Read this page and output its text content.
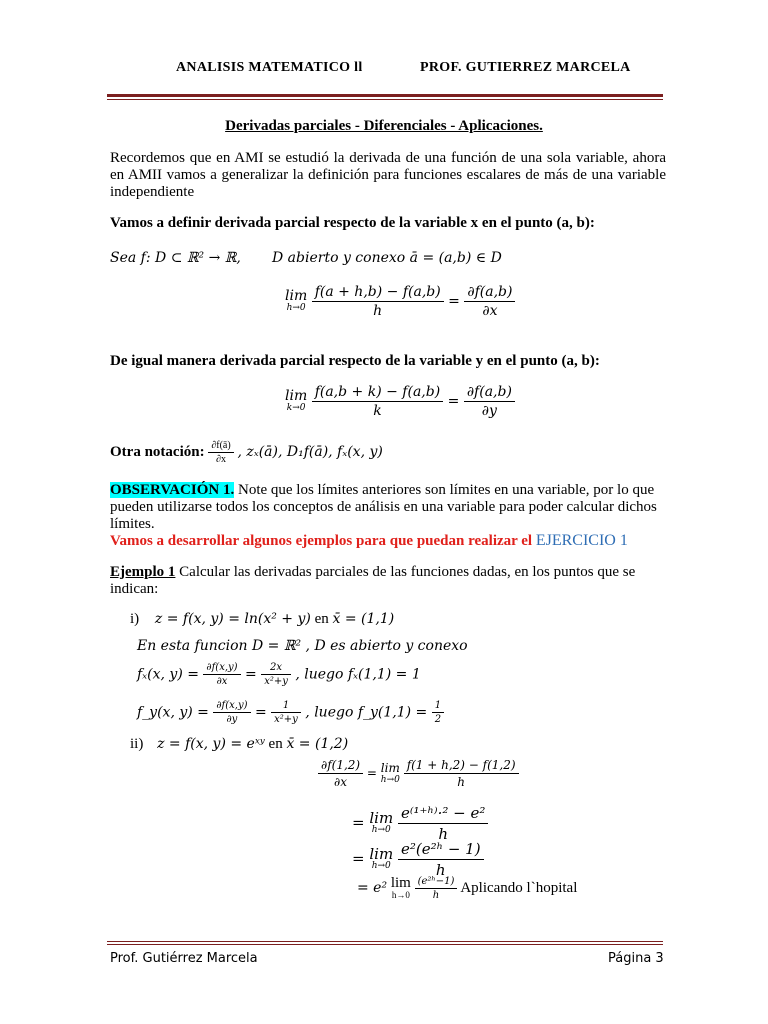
ANALISIS MATEMATICO ll	PROF. GUTIERREZ MARCELA
Derivadas parciales - Diferenciales - Aplicaciones.
Recordemos que en AMI se estudió la derivada de una función de una sola variable, ahora en AMII vamos a generalizar la definición para funciones escalares de más de una variable independiente
Vamos a definir derivada parcial respecto de la variable x en el punto (a, b):
Sea f: D ⊂ ℝ² → ℝ, D abierto y conexo ā = (a,b) ∈ D
lim
h→0
$\frac{f(a + h,b) - f(a,b)}{h} = \frac{\partial f(a,b)}{\partial x}$
De igual manera derivada parcial respecto de la variable y en el punto (a, b):
lim
k→0
$\frac{f(a,b + k) - f(a,b)}{k} = \frac{\partial f(a,b)}{\partial y}$
Otra notación: $\frac{\partial f(ā)}{\partial x}$ , zₓ(ā), D₁f(ā), fₓ(x, y)
OBSERVACIÓN 1. Note que los límites anteriores son límites en una variable, por lo que pueden utilizarse todos los conceptos de análisis en una variable para poder calcular dichos límites.
Vamos a desarrollar algunos ejemplos para que puedan realizar el EJERCICIO 1
Ejemplo 1 Calcular las derivadas parciales de las funciones dadas, en los puntos que se indican:
i) z = f(x, y) = ln(x² + y) en x̄ = (1,1)
En esta funcion D = ℝ² , D es abierto y conexo
fₓ(x, $y) = \frac{\partial f(x,y)}{\partial x} = \frac{2x}{\text{x²+y}}$ , luego fₓ(1,1) = 1
f_y(x, $y) = \frac{\partial f(x,y)}{\partial y} = \frac{1}{\text{x²+y}}$ , luego f_y(1,1) = $\frac{1}{2}$
ii) z = f(x, y) = eˣʸ en x̄ = (1,2)
$\frac{\partial f(1,2)}{\partial x} = \lim$
h→0
$\frac{f(1 + h,2) - f(1,2)}{h}$
= lim
h→0
$\frac{\text{e⁽¹⁺ʰ⁾·² − e²}}{h}$
= lim
h→0
$\frac{\text{e²(e²ʰ − 1)}}{h}$
= e² lim
h→0
$\frac{\text{(e²ʰ−1)}}{h}$ Aplicando l`hopital
Prof. Gutiérrez Marcela	Página 3
